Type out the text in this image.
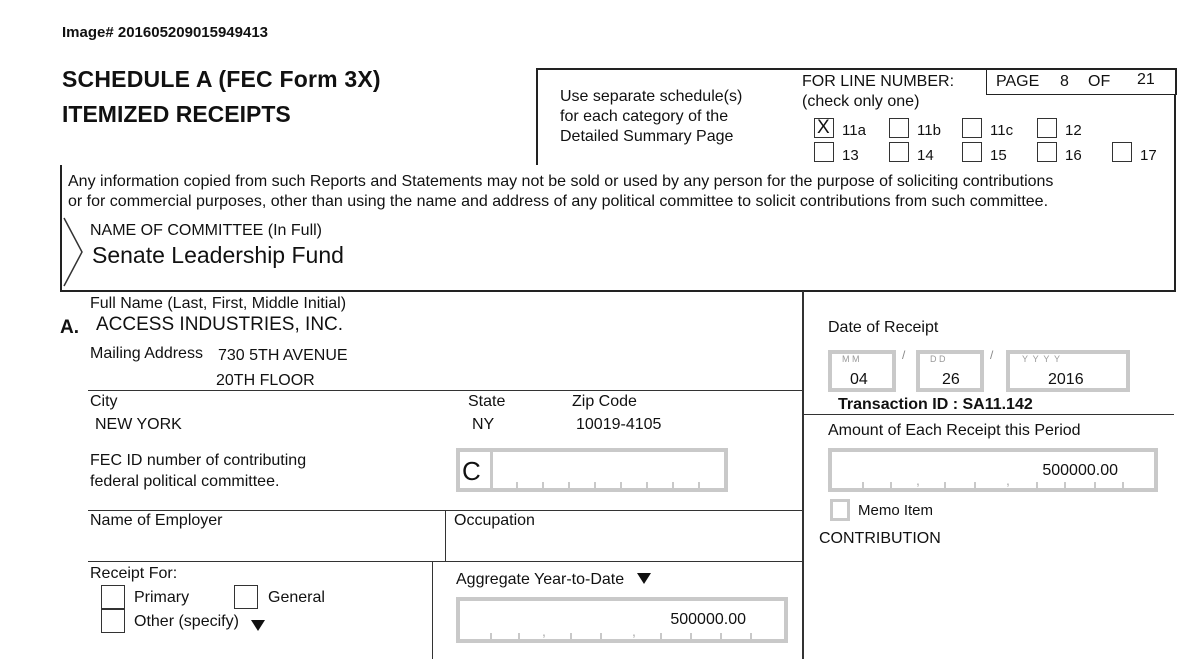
Image# 201605209015949413
SCHEDULE A (FEC Form 3X)
ITEMIZED RECEIPTS
Use separate schedule(s)
for each category of the
Detailed Summary Page
FOR LINE NUMBER:
(check only one)
PAGE 8 OF 21
X 11a	11b	11c	12
13	14	15	16	17
Any information copied from such Reports and Statements may not be sold or used by any person for the purpose of soliciting contributions
or for commercial purposes, other than using the name and address of any political committee to solicit contributions from such committee.
NAME OF COMMITTEE (In Full)
Senate Leadership Fund
Full Name (Last, First, Middle Initial)
A. ACCESS INDUSTRIES, INC.
Mailing Address 730 5TH AVENUE
20TH FLOOR
City
NEW YORK
State
NY
Zip Code
10019-4105
FEC ID number of contributing
federal political committee.	C
Name of Employer	Occupation
Receipt For:
Primary	General
Other (specify)
Aggregate Year-to-Date
500000.00
,	,
Date of Receipt
M M
04
/	D D
26
/	Y  Y  Y  Y
2016
Transaction ID : SA11.142
Amount of Each Receipt this Period
500000.00
,	,
Memo Item
CONTRIBUTION
